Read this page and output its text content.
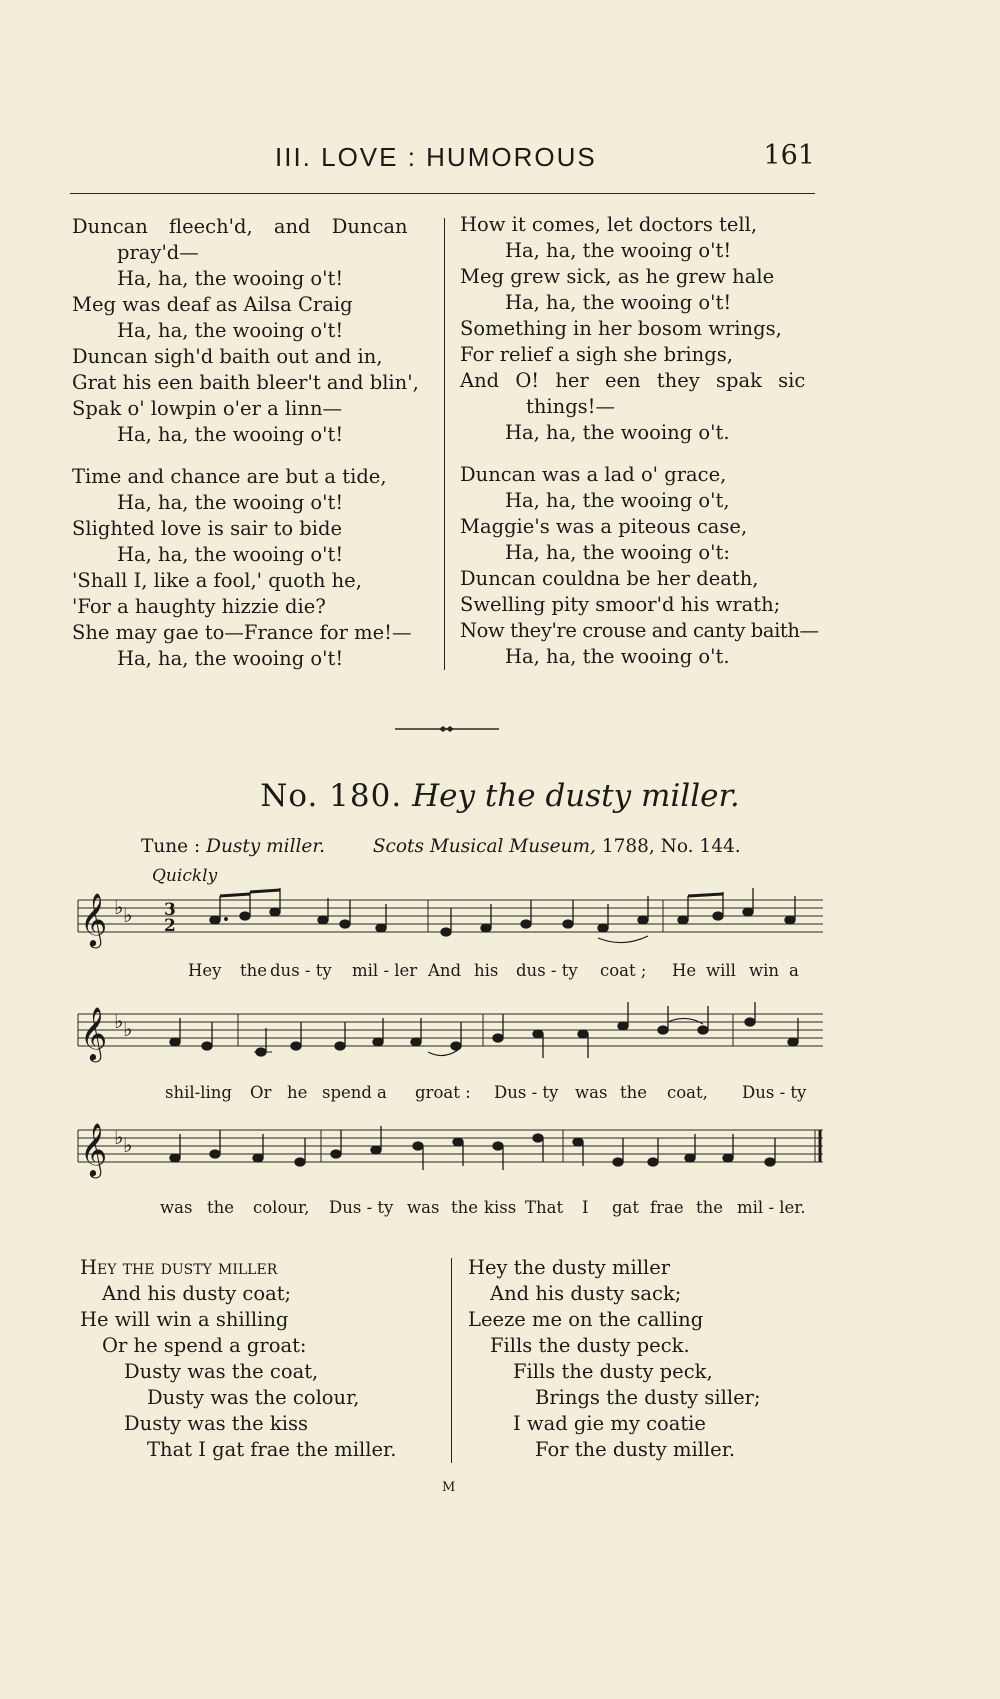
III. LOVE : HUMOROUS	161
Duncan fleech'd, and Duncan
pray'd—
Ha, ha, the wooing o't!
Meg was deaf as Ailsa Craig
Ha, ha, the wooing o't!
Duncan sigh'd baith out and in,
Grat his een baith bleer't and blin',
Spak o' lowpin o'er a linn—
Ha, ha, the wooing o't!
Time and chance are but a tide,
Ha, ha, the wooing o't!
Slighted love is sair to bide
Ha, ha, the wooing o't!
'Shall I, like a fool,' quoth he,
'For a haughty hizzie die?
She may gae to—France for me!—
Ha, ha, the wooing o't!
How it comes, let doctors tell,
Ha, ha, the wooing o't!
Meg grew sick, as he grew hale
Ha, ha, the wooing o't!
Something in her bosom wrings,
For relief a sigh she brings,
And O! her een they spak sic
things!—
Ha, ha, the wooing o't.
Duncan was a lad o' grace,
Ha, ha, the wooing o't,
Maggie's was a piteous case,
Ha, ha, the wooing o't:
Duncan couldna be her death,
Swelling pity smoor'd his wrath;
Now they're crouse and canty baith—
Ha, ha, the wooing o't.
No. 180. Hey the dusty miller.
Tune : Dusty miller.	Scots Musical Museum, 1788, No. 144.
Quickly
𝄞 ♭ ♭ 3
2
Hey the dus - ty mil - ler And his dus - ty coat ; He will win a
𝄞 ♭ ♭
shil-ling Or he spend a groat : Dus - ty was the coat, Dus - ty
𝄞 ♭ ♭
was the colour, Dus - ty was the kiss That I gat frae the mil - ler.
Hey the dusty miller
And his dusty coat;
He will win a shilling
Or he spend a groat:
Dusty was the coat,
Dusty was the colour,
Dusty was the kiss
That I gat frae the miller.
Hey the dusty miller
And his dusty sack;
Leeze me on the calling
Fills the dusty peck.
Fills the dusty peck,
Brings the dusty siller;
I wad gie my coatie
For the dusty miller.
M
